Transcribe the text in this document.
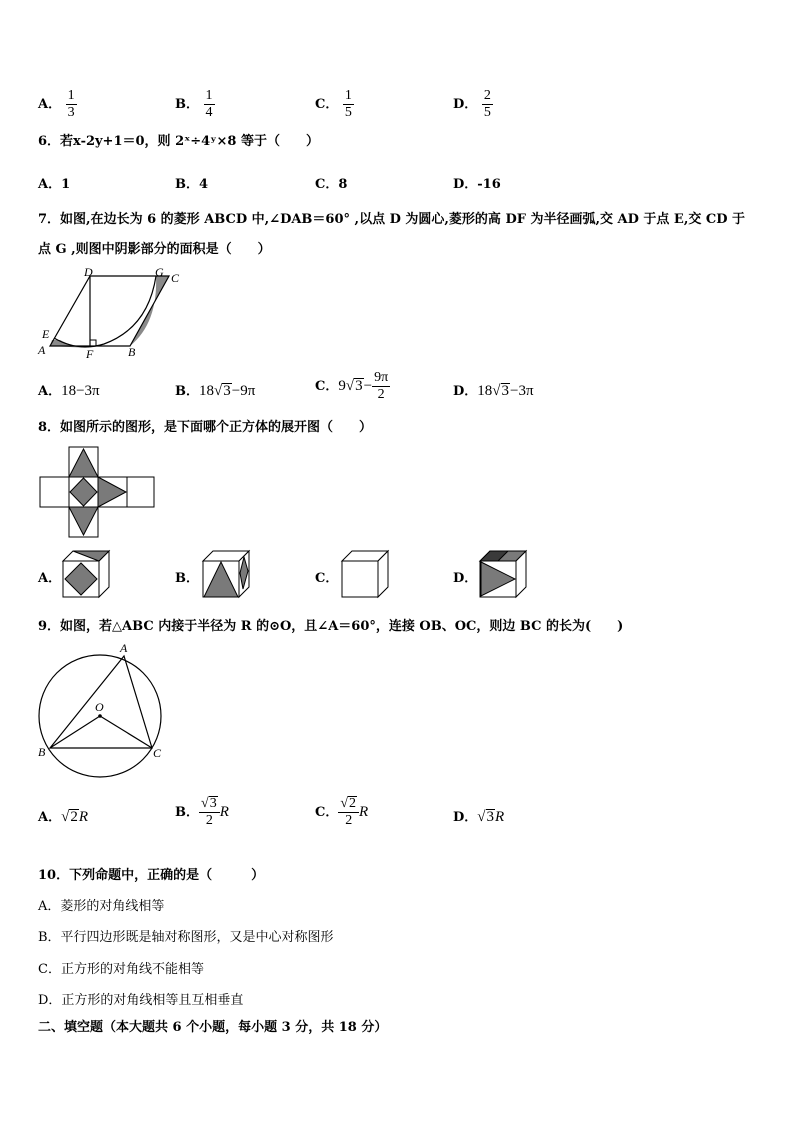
A． $\frac{1}{3}$	B． $\frac{1}{4}$	C． $\frac{1}{5}$	D． $\frac{2}{5}$
6．若x-2y+1＝0，则 2ˣ÷4ʸ×8 等于（　　）
A．1	B．4	C．8	D．-16
7．如图,在边长为 6 的菱形 ABCD 中,∠DAB＝60° ,以点 D 为圆心,菱形的高 DF 为半径画弧,交 AD 于点 E,交 CD 于
点 G ,则图中阴影部分的面积是（　　）
D	G C
E
A	F	B
A．18−3π	B．18√3−9π	C．$9√3- \frac{9\pi}{2}$	D．18√3−3π
8．如图所示的图形，是下面哪个正方体的展开图（　　）
A．	B．	C．	D．
9．如图，若△ABC 内接于半径为 R 的⊙O，且∠A＝60°，连接 OB、OC，则边 BC 的长为(　　)
A
O
B	C
A．√2R	B． $\frac{√3}{2}$ R	C． $\frac{√2}{2}$ R	D．√3R
10．下列命题中，正确的是（　　　）
A．菱形的对角线相等
B．平行四边形既是轴对称图形，又是中心对称图形
C．正方形的对角线不能相等
D．正方形的对角线相等且互相垂直
二、填空题（本大题共 6 个小题，每小题 3 分，共 18 分）
